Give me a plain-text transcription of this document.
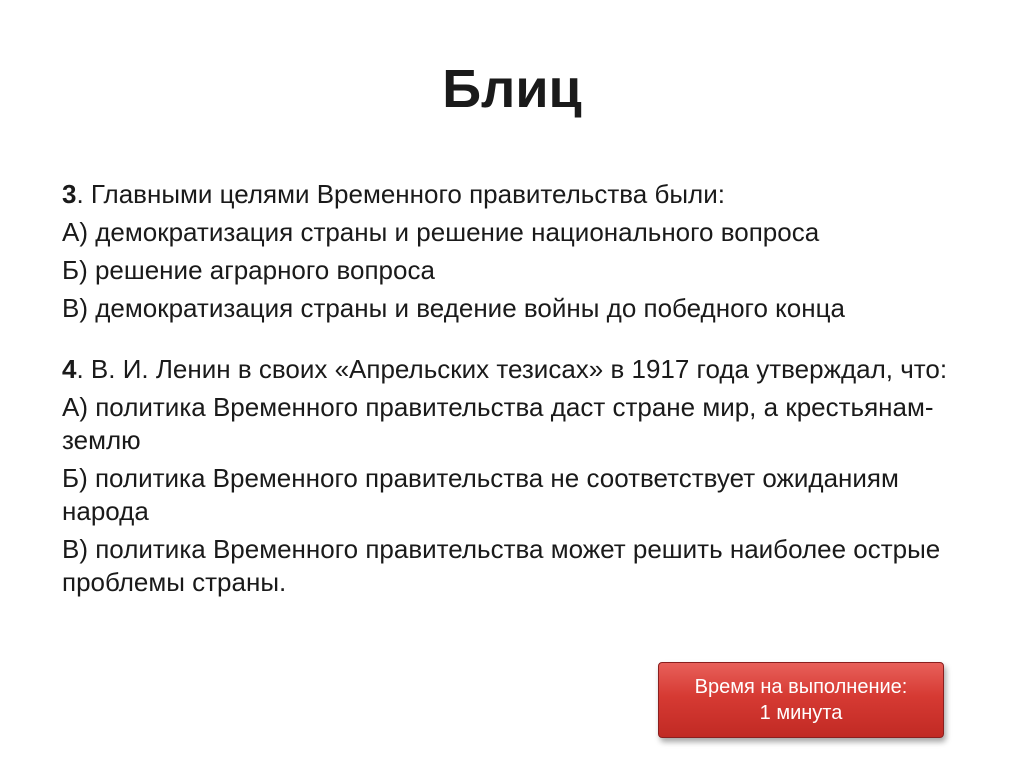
Блиц

3. Главными целями Временного правительства были:

А) демократизация страны и решение национального вопроса

Б) решение аграрного вопроса

В) демократизация страны и ведение войны до победного конца

4. В. И. Ленин в своих «Апрельских тезисах» в 1917 года утверждал, что:

А) политика Временного правительства даст стране мир, а крестьянам-землю

Б) политика Временного правительства не соответствует ожиданиям народа

В) политика Временного правительства может решить наиболее острые проблемы страны.

Время на выполнение:
1 минута
